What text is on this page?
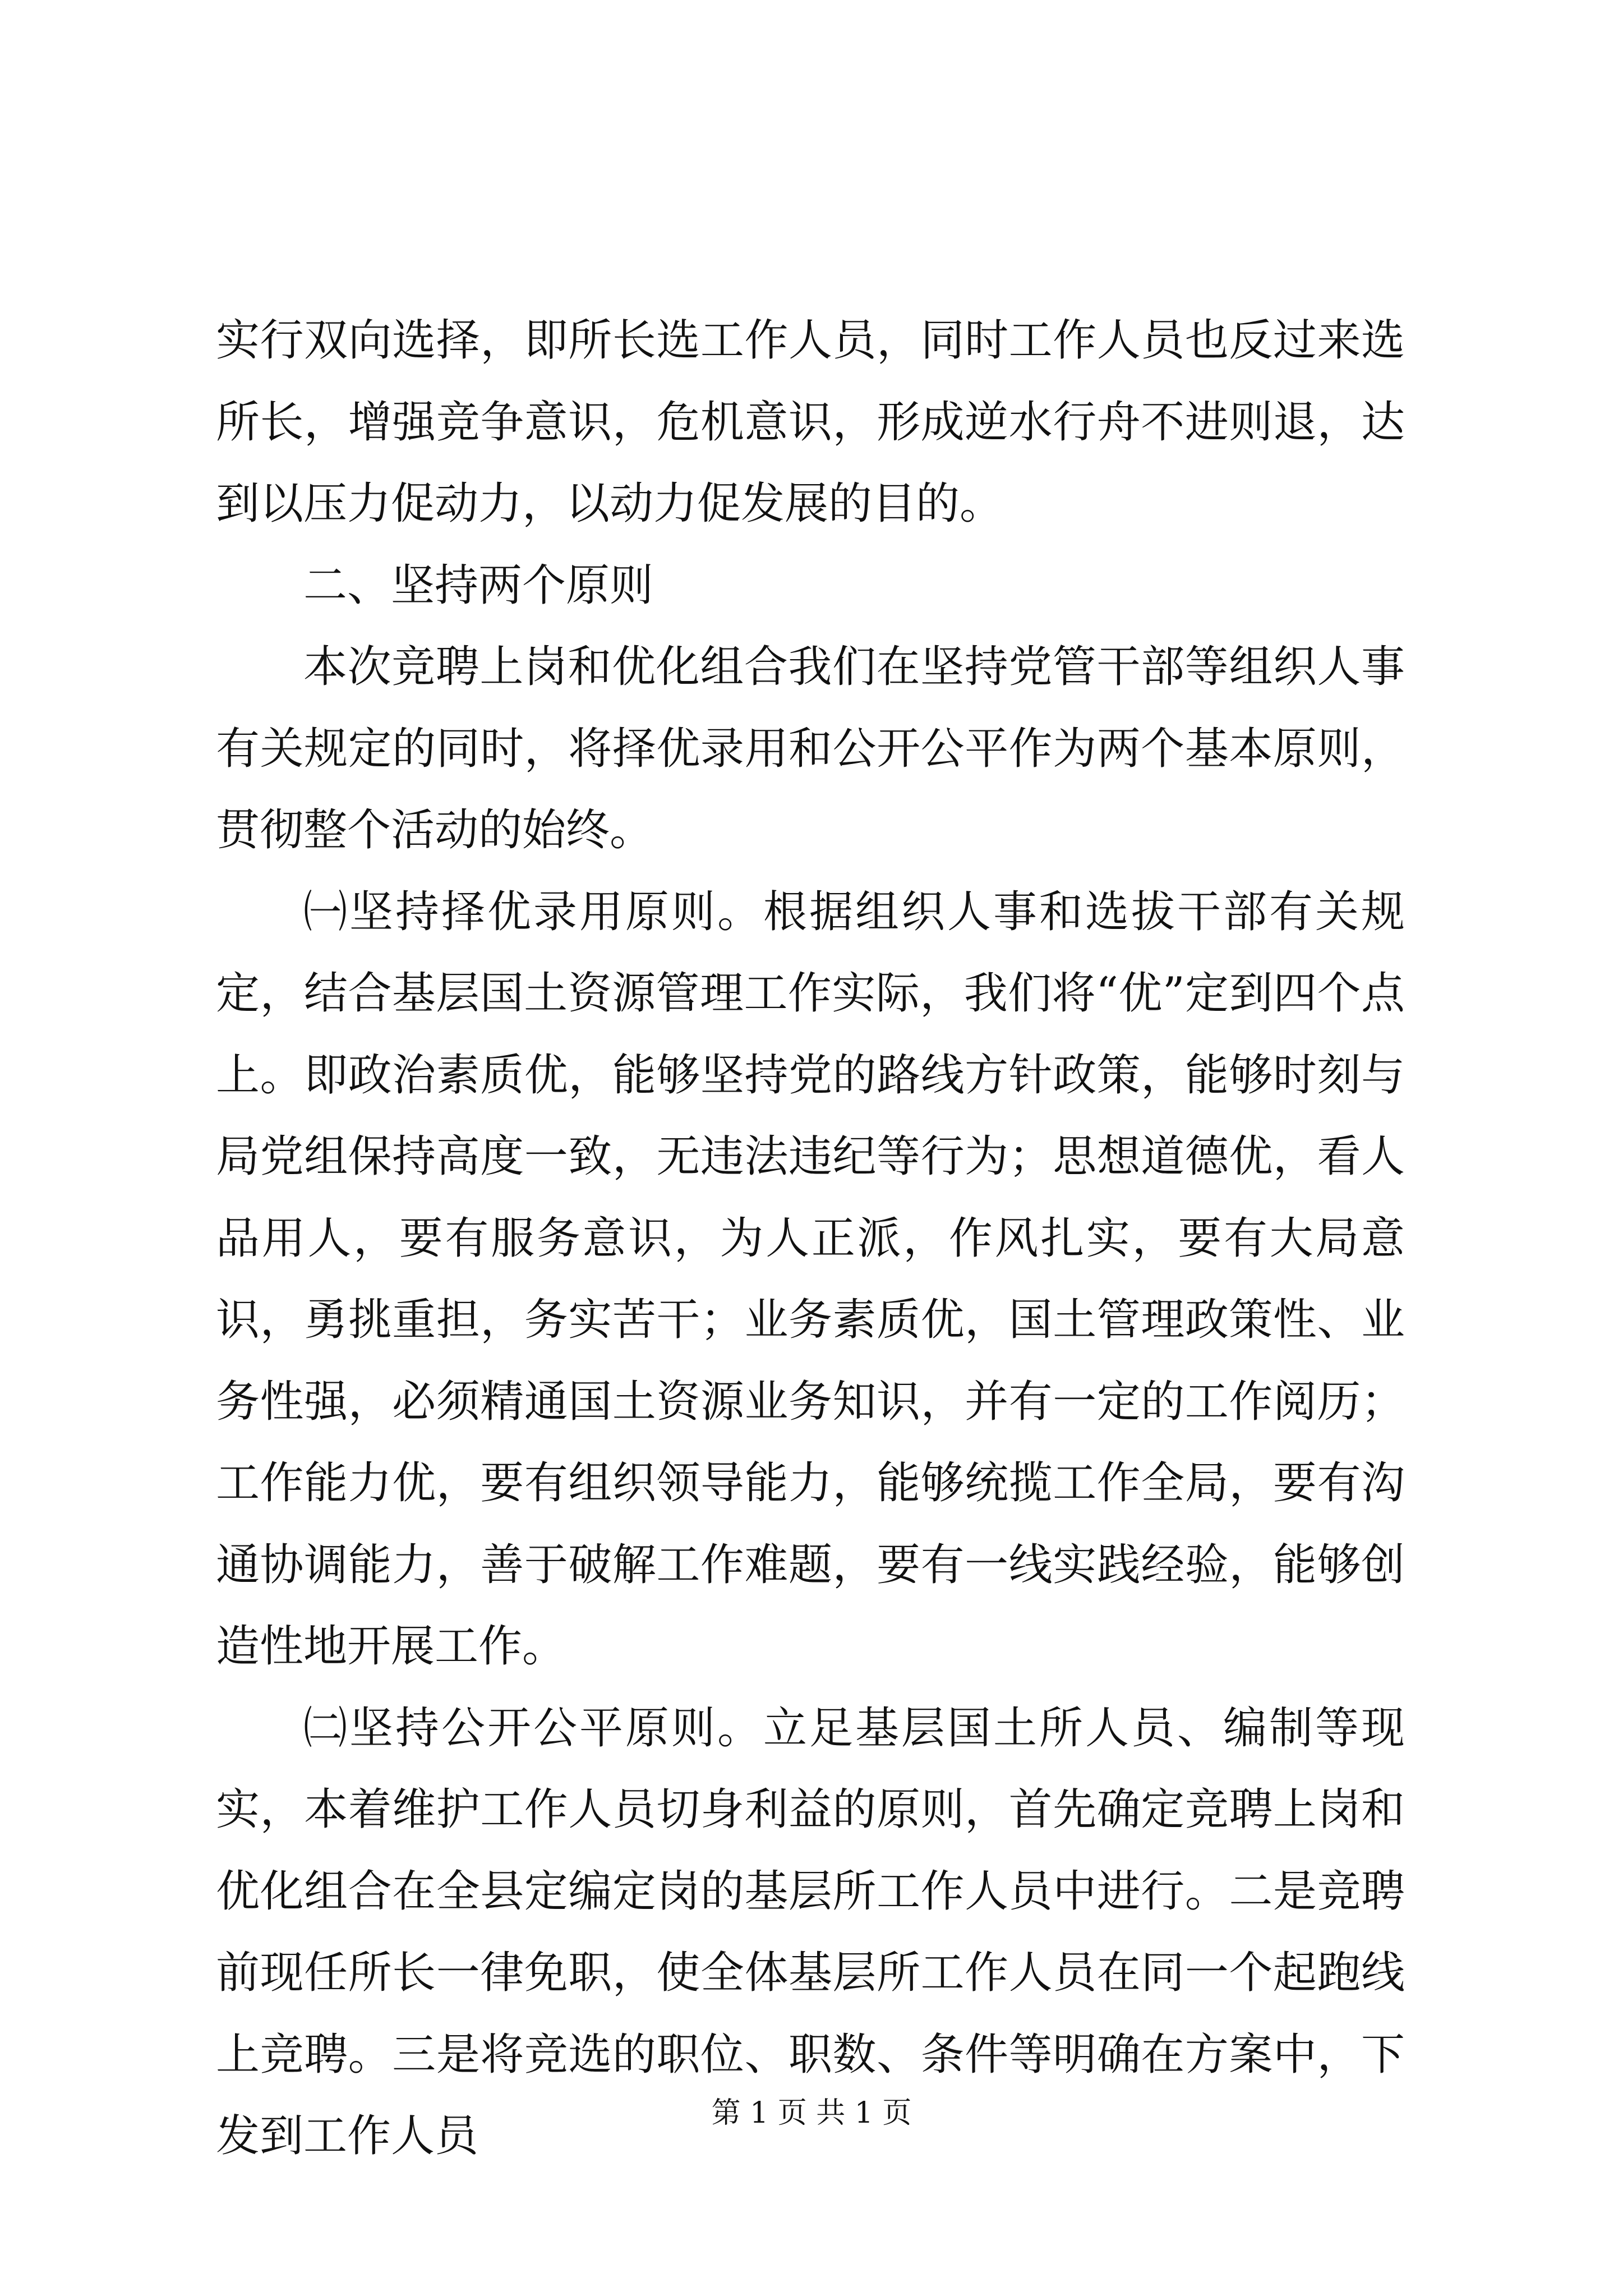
实行双向选择，即所长选工作人员，同时工作人员也反过来选所长，增强竞争意识，危机意识，形成逆水行舟不进则退，达到以压力促动力，以动力促发展的目的。

二、坚持两个原则

本次竞聘上岗和优化组合我们在坚持党管干部等组织人事有关规定的同时，将择优录用和公开公平作为两个基本原则，贯彻整个活动的始终。

㈠坚持择优录用原则。根据组织人事和选拔干部有关规定，结合基层国土资源管理工作实际，我们将“优”定到四个点上。即政治素质优，能够坚持党的路线方针政策，能够时刻与局党组保持高度一致，无违法违纪等行为；思想道德优，看人品用人，要有服务意识，为人正派，作风扎实，要有大局意识，勇挑重担，务实苦干；业务素质优，国土管理政策性、业务性强，必须精通国土资源业务知识，并有一定的工作阅历；工作能力优，要有组织领导能力，能够统揽工作全局，要有沟通协调能力，善于破解工作难题，要有一线实践经验，能够创造性地开展工作。

㈡坚持公开公平原则。立足基层国土所人员、编制等现实，本着维护工作人员切身利益的原则，首先确定竞聘上岗和优化组合在全县定编定岗的基层所工作人员中进行。二是竞聘前现任所长一律免职，使全体基层所工作人员在同一个起跑线上竞聘。三是将竞选的职位、职数、条件等明确在方案中，下发到工作人员	第 1 页 共 1 页
